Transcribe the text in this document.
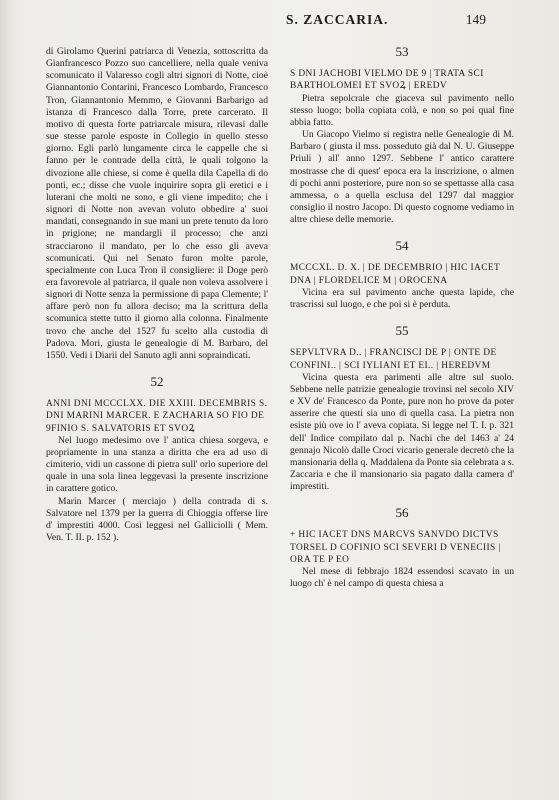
S. ZACCARIA.	149

di Girolamo Querini patriarca di Venezia, sottoscritta da Gianfrancesco Pozzo suo cancelliere, nella quale veniva scomunicato il Valaresso cogli altri signori di Notte, cioè Giannantonio Contarini, Francesco Lombardo, Francesco Tron, Giannantonio Memmo, e Giovanni Barbarigo ad istanza di Francesco dalla Torre, prete carcerato. Il motivo di questa forte patriarcale misura, rilevasi dalle sue stesse parole esposte in Collegio in quello stesso giorno. Egli parlò lungamente circa le cappelle che si fanno per le contrade della città, le quali tolgono la divozione alle chiese, si come è quella dila Capella di do ponti, ec.; disse che vuole inquirire sopra gli eretici e i luterani che molti ne sono, e gli viene impedito; che i signori di Notte non avevan voluto obbedire a' suoi mandati, consegnando in sue mani un prete tenuto da loro in prigione; ne mandargli il processo; che anzi stracciarono il mandato, per lo che esso gli aveva scomunicati. Qui nel Senato furon molte parole, specialmente con Luca Tron il consigliere: il Doge però era favorevole al patriarca, il quale non voleva assolvere i signori di Notte senza la permissione di papa Clemente; l' affare però non fu allora deciso; ma la scrittura della scomunica stette tutto il giorno alla colonna. Finalmente trovo che anche del 1527 fu scelto alla custodia di Padova. Mori, giusta le genealogie di M. Barbaro, del 1550. Vedi i Diarii del Sanuto agli anni sopraindicati.

52

ANNI DNI MCCCLXX. DIE XXIII. DECEMBRIS S. DNI MARINI MARCER. E ZACHARIA SO FIO DE 9FINIO S. SALVATORIS ET SVOꝜ

Nel luogo medesimo ove l' antica chiesa sorgeva, e propriamente in una stanza a diritta che era ad uso di cimiterio, vidi un cassone di pietra sull' orlo superiore del quale in una sola linea leggevasi la presente inscrizione in carattere gotico.

Marin Marcer ( merciajo ) della contrada di s. Salvatore nel 1379 per la guerra di Chioggia offerse lire d' imprestiti 4000. Così leggesi nel Galliciolli ( Mem. Ven. T. II. p. 152 ).

53

S DNI JACHOBI VIELMO DE 9 | TRATA SCI BARTHOLOMEI ET SVOꝜ | EREDV

Pietra sepolcrale che giaceva sul pavimento nello stesso luogo; bolla copiata colà, e non so poi qual fine abbia fatto.

Un Giacopo Vielmo si registra nelle Genealogie di M. Barbaro ( giusta il mss. posseduto già dal N. U. Giuseppe Priuli ) all' anno 1297. Sebbene l' antico carattere mostrasse che di quest' epoca era la inscrizione, o almen di pochi anni posteriore, pure non so se spettasse alla casa ammessa, o a quella esclusa del 1297 dal maggior consiglio il nostro Jacopo. Di questo cognome vediamo in altre chiese delle memorie.

54

MCCCXL. D. X. | DE DECEMBRIO | HIC IACET DNA | FLORDELICE M | OROCENA

Vicina era sul pavimento anche questa lapide, che trascrissi sul luogo, e che poi si è perduta.

55

SEPVLTVRA D.. | FRANCISCI DE P | ONTE DE CONFINI.. | SCI IYLIANI ET EI.. | HEREDVM

Vicina questa era parimenti alle altre sul suolo. Sebbene nelle patrizie genealogie trovinsi nel secolo XIV e XV de' Francesco da Ponte, pure non ho prove da poter asserire che questi sia uno di quella casa. La pietra non esiste più ove io l' aveva copiata. Si legge nel T. I. p. 321 dell' Indice compilato dal p. Nachi che del 1463 a' 24 gennajo Nicolò dalle Croci vicario generale decretò che la mansionaria della q. Maddalena da Ponte sia celebrata a s. Zaccaria e che il mansionario sia pagato dalla camera d' imprestiti.

56

+ HIC IACET DNS MARCVS SANVDO DICTVS TORSEL D COFINIO SCI SEVERI D VENECIIS | ORA TE P EO

Nel mese di febbrajo 1824 essendosi scavato in un luogo ch' è nel campo di questa chiesa a
